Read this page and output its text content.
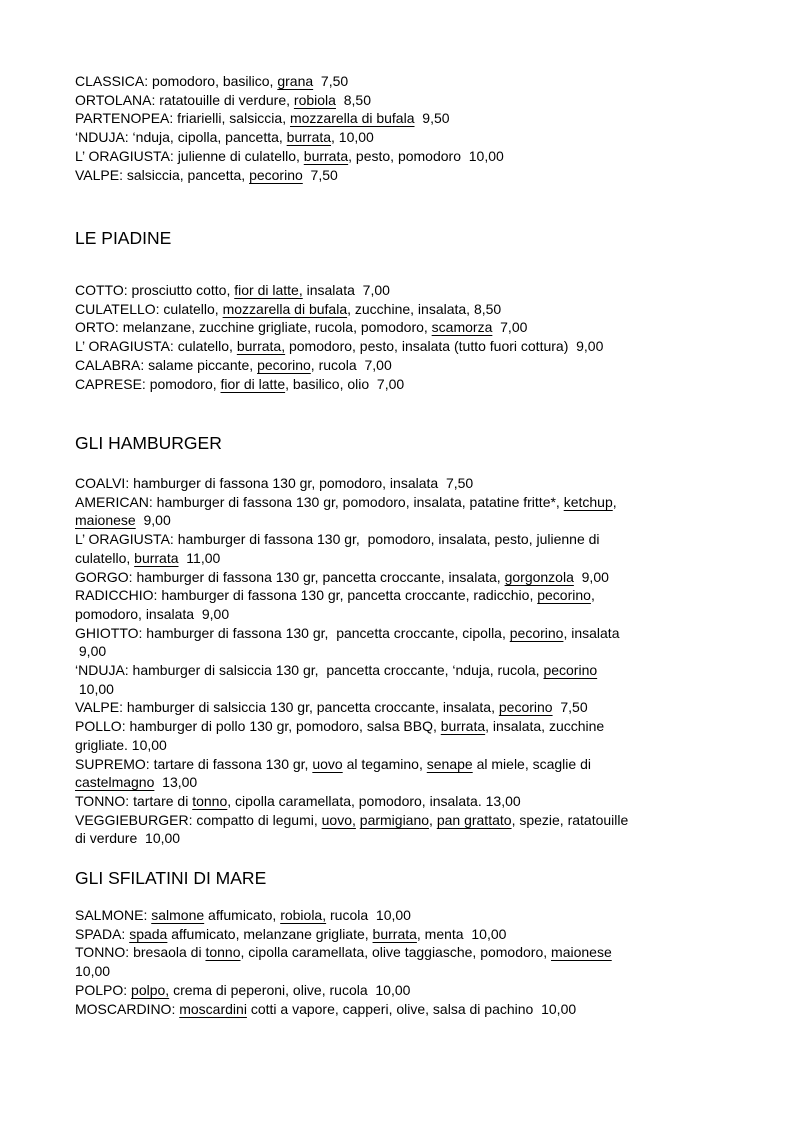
CLASSICA: pomodoro, basilico, grana  7,50
ORTOLANA: ratatouille di verdure, robiola  8,50
PARTENOPEA: friarielli, salsiccia, mozzarella di bufala  9,50
‘NDUJA: ‘nduja, cipolla, pancetta, burrata, 10,00
L’ ORAGIUSTA: julienne di culatello, burrata, pesto, pomodoro  10,00
VALPE: salsiccia, pancetta, pecorino  7,50
LE PIADINE
COTTO: prosciutto cotto, fior di latte, insalata  7,00
CULATELLO: culatello, mozzarella di bufala, zucchine, insalata, 8,50
ORTO: melanzane, zucchine grigliate, rucola, pomodoro, scamorza  7,00
L’ ORAGIUSTA: culatello, burrata, pomodoro, pesto, insalata (tutto fuori cottura)  9,00
CALABRA: salame piccante, pecorino, rucola  7,00
CAPRESE: pomodoro, fior di latte, basilico, olio  7,00
GLI HAMBURGER
COALVI: hamburger di fassona 130 gr, pomodoro, insalata  7,50
AMERICAN: hamburger di fassona 130 gr, pomodoro, insalata, patatine fritte*, ketchup,
maionese  9,00
L’ ORAGIUSTA: hamburger di fassona 130 gr,  pomodoro, insalata, pesto, julienne di
culatello, burrata  11,00
GORGO: hamburger di fassona 130 gr, pancetta croccante, insalata, gorgonzola  9,00
RADICCHIO: hamburger di fassona 130 gr, pancetta croccante, radicchio, pecorino,
pomodoro, insalata  9,00
GHIOTTO: hamburger di fassona 130 gr,  pancetta croccante, cipolla, pecorino, insalata
9,00
‘NDUJA: hamburger di salsiccia 130 gr,  pancetta croccante, ‘nduja, rucola, pecorino
10,00
VALPE: hamburger di salsiccia 130 gr, pancetta croccante, insalata, pecorino  7,50
POLLO: hamburger di pollo 130 gr, pomodoro, salsa BBQ, burrata, insalata, zucchine
grigliate. 10,00
SUPREMO: tartare di fassona 130 gr, uovo al tegamino, senape al miele, scaglie di
castelmagno  13,00
TONNO: tartare di tonno, cipolla caramellata, pomodoro, insalata. 13,00
VEGGIEBURGER: compatto di legumi, uovo, parmigiano, pan grattato, spezie, ratatouille
di verdure  10,00
GLI SFILATINI DI MARE
SALMONE: salmone affumicato, robiola, rucola  10,00
SPADA: spada affumicato, melanzane grigliate, burrata, menta  10,00
TONNO: bresaola di tonno, cipolla caramellata, olive taggiasche, pomodoro, maionese
10,00
POLPO: polpo, crema di peperoni, olive, rucola  10,00
MOSCARDINO: moscardini cotti a vapore, capperi, olive, salsa di pachino  10,00
